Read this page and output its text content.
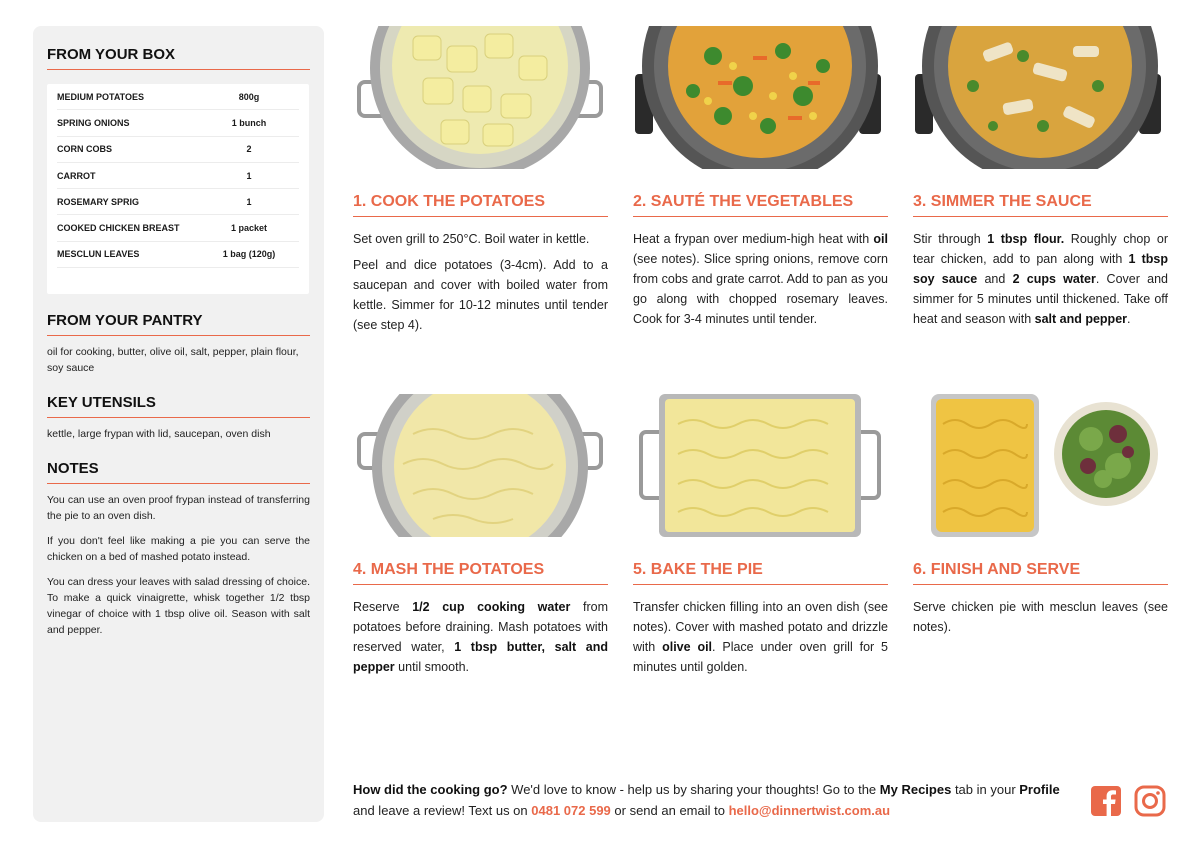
FROM YOUR BOX
MEDIUM POTATOES	800g
SPRING ONIONS	1 bunch
CORN COBS	2
CARROT	1
ROSEMARY SPRIG	1
COOKED CHICKEN BREAST	1 packet
MESCLUN LEAVES	1 bag (120g)
FROM YOUR PANTRY
oil for cooking, butter, olive oil, salt, pepper, plain flour, soy sauce
KEY UTENSILS
kettle, large frypan with lid, saucepan, oven dish
NOTES

You can use an oven proof frypan instead of transferring the pie to an oven dish.

If you don't feel like making a pie you can serve the chicken on a bed of mashed potato instead.

You can dress your leaves with salad dressing of choice. To make a quick vinaigrette, whisk together 1/2 tbsp vinegar of choice with 1 tbsp olive oil. Season with salt and pepper.

1. COOK THE POTATOES

Set oven grill to 250°C. Boil water in kettle.

Peel and dice potatoes (3-4cm). Add to a saucepan and cover with boiled water from kettle. Simmer for 10-12 minutes until tender (see step 4).

2. SAUTÉ THE VEGETABLES

Heat a frypan over medium-high heat with oil (see notes). Slice spring onions, remove corn from cobs and grate carrot. Add to pan as you go along with chopped rosemary leaves. Cook for 3-4 minutes until tender.

3. SIMMER THE SAUCE

Stir through 1 tbsp flour. Roughly chop or tear chicken, add to pan along with 1 tbsp soy sauce and 2 cups water. Cover and simmer for 5 minutes until thickened. Take off heat and season with salt and pepper.

4. MASH THE POTATOES

Reserve 1/2 cup cooking water from potatoes before draining. Mash potatoes with reserved water, 1 tbsp butter, salt and pepper until smooth.

5. BAKE THE PIE

Transfer chicken filling into an oven dish (see notes). Cover with mashed potato and drizzle with olive oil. Place under oven grill for 5 minutes until golden.

6. FINISH AND SERVE

Serve chicken pie with mesclun leaves (see notes).

How did the cooking go? We'd love to know - help us by sharing your thoughts! Go to the My Recipes tab in your Profile and leave a review! Text us on 0481 072 599 or send an email to hello@dinnertwist.com.au
